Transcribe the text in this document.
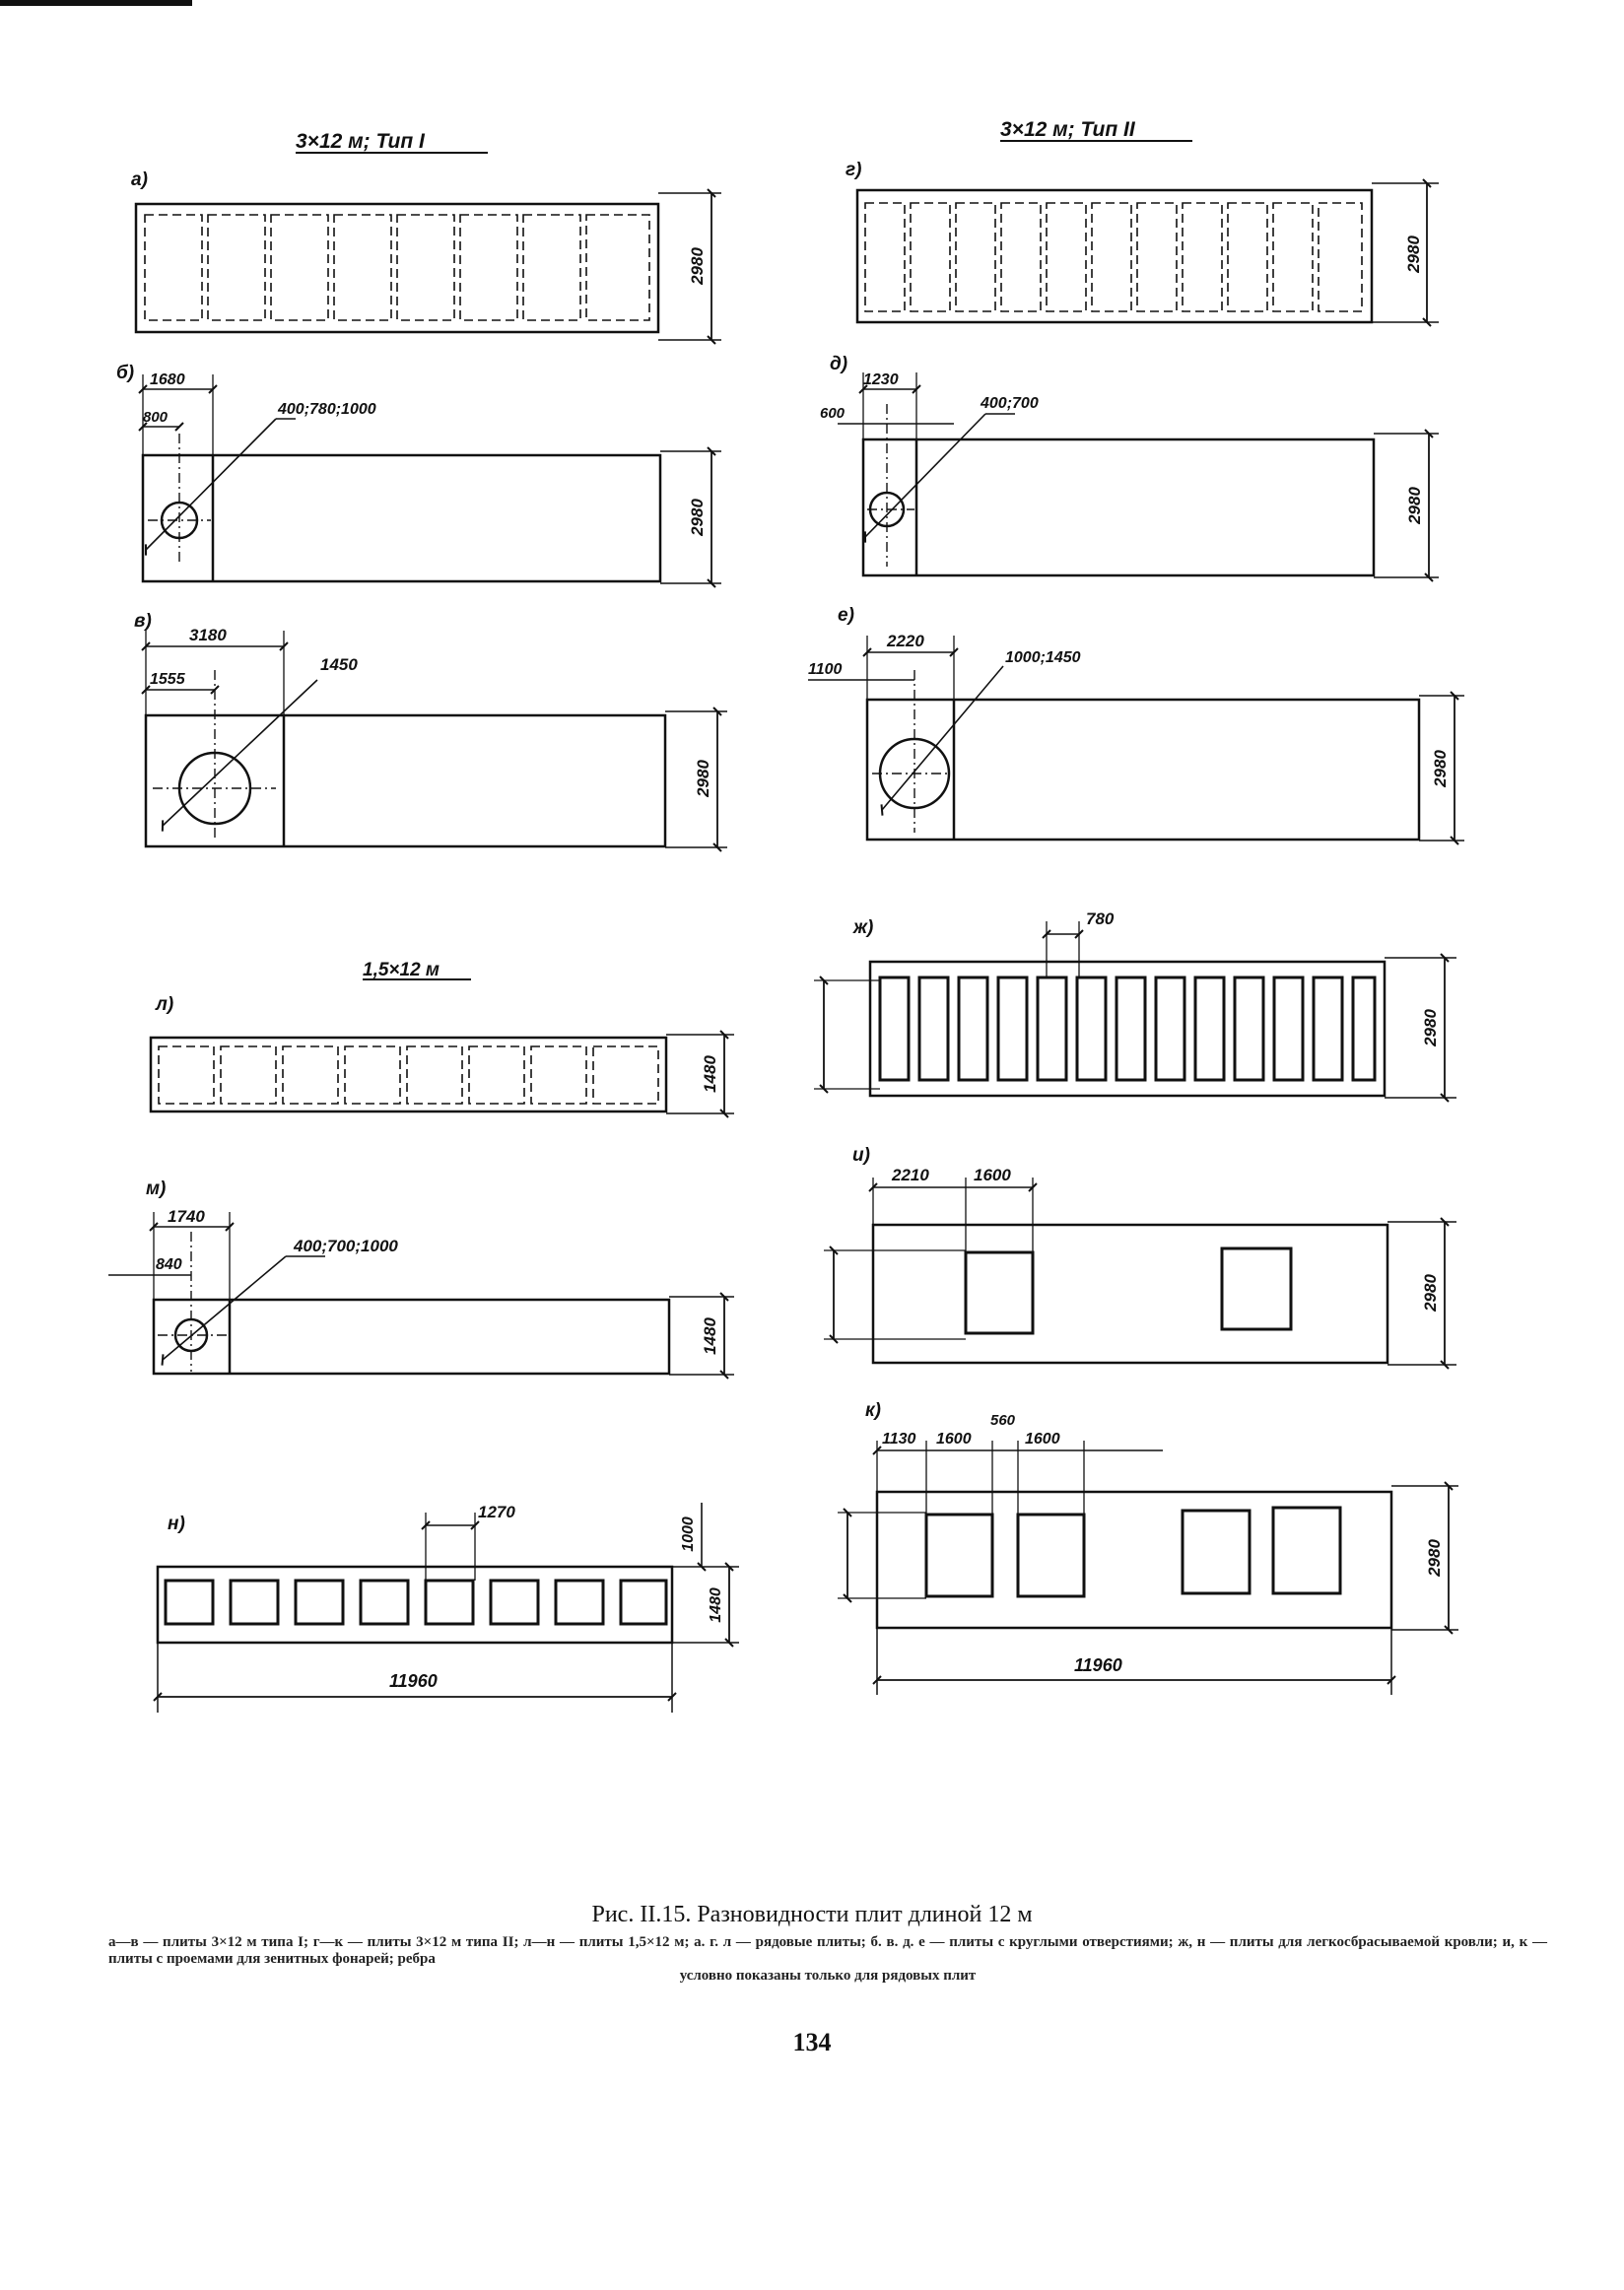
3×12 м; Тип I
3×12 м; Тип II
а)
2980
б) 1680
800	400;780;1000
2980
в)
3180
1555
1450
2980
г)
2980
д)
1230
600
400;700
2980
е)
2220
1100
1000;1450
2980
1,5×12 м
л)
1480
м)
1740
840
400;700;1000
1480
н)
1270
1000
1480
11960
ж)	780
2980
и)
2210	1600
2980
к)
1130 1600
560
1600
2980
11960
Рис. II.15. Разновидности плит длиной 12 м
а—в — плиты 3×12 м типа I; г—к — плиты 3×12 м типа II; л—н — плиты 1,5×12 м; а. г. л — рядовые плиты; б. в. д. е — плиты с круглыми отверстиями; ж, н — плиты для легкосбрасываемой кровли; и, к — плиты с проемами для зенитных фонарей; ребра
условно показаны только для рядовых плит
134
